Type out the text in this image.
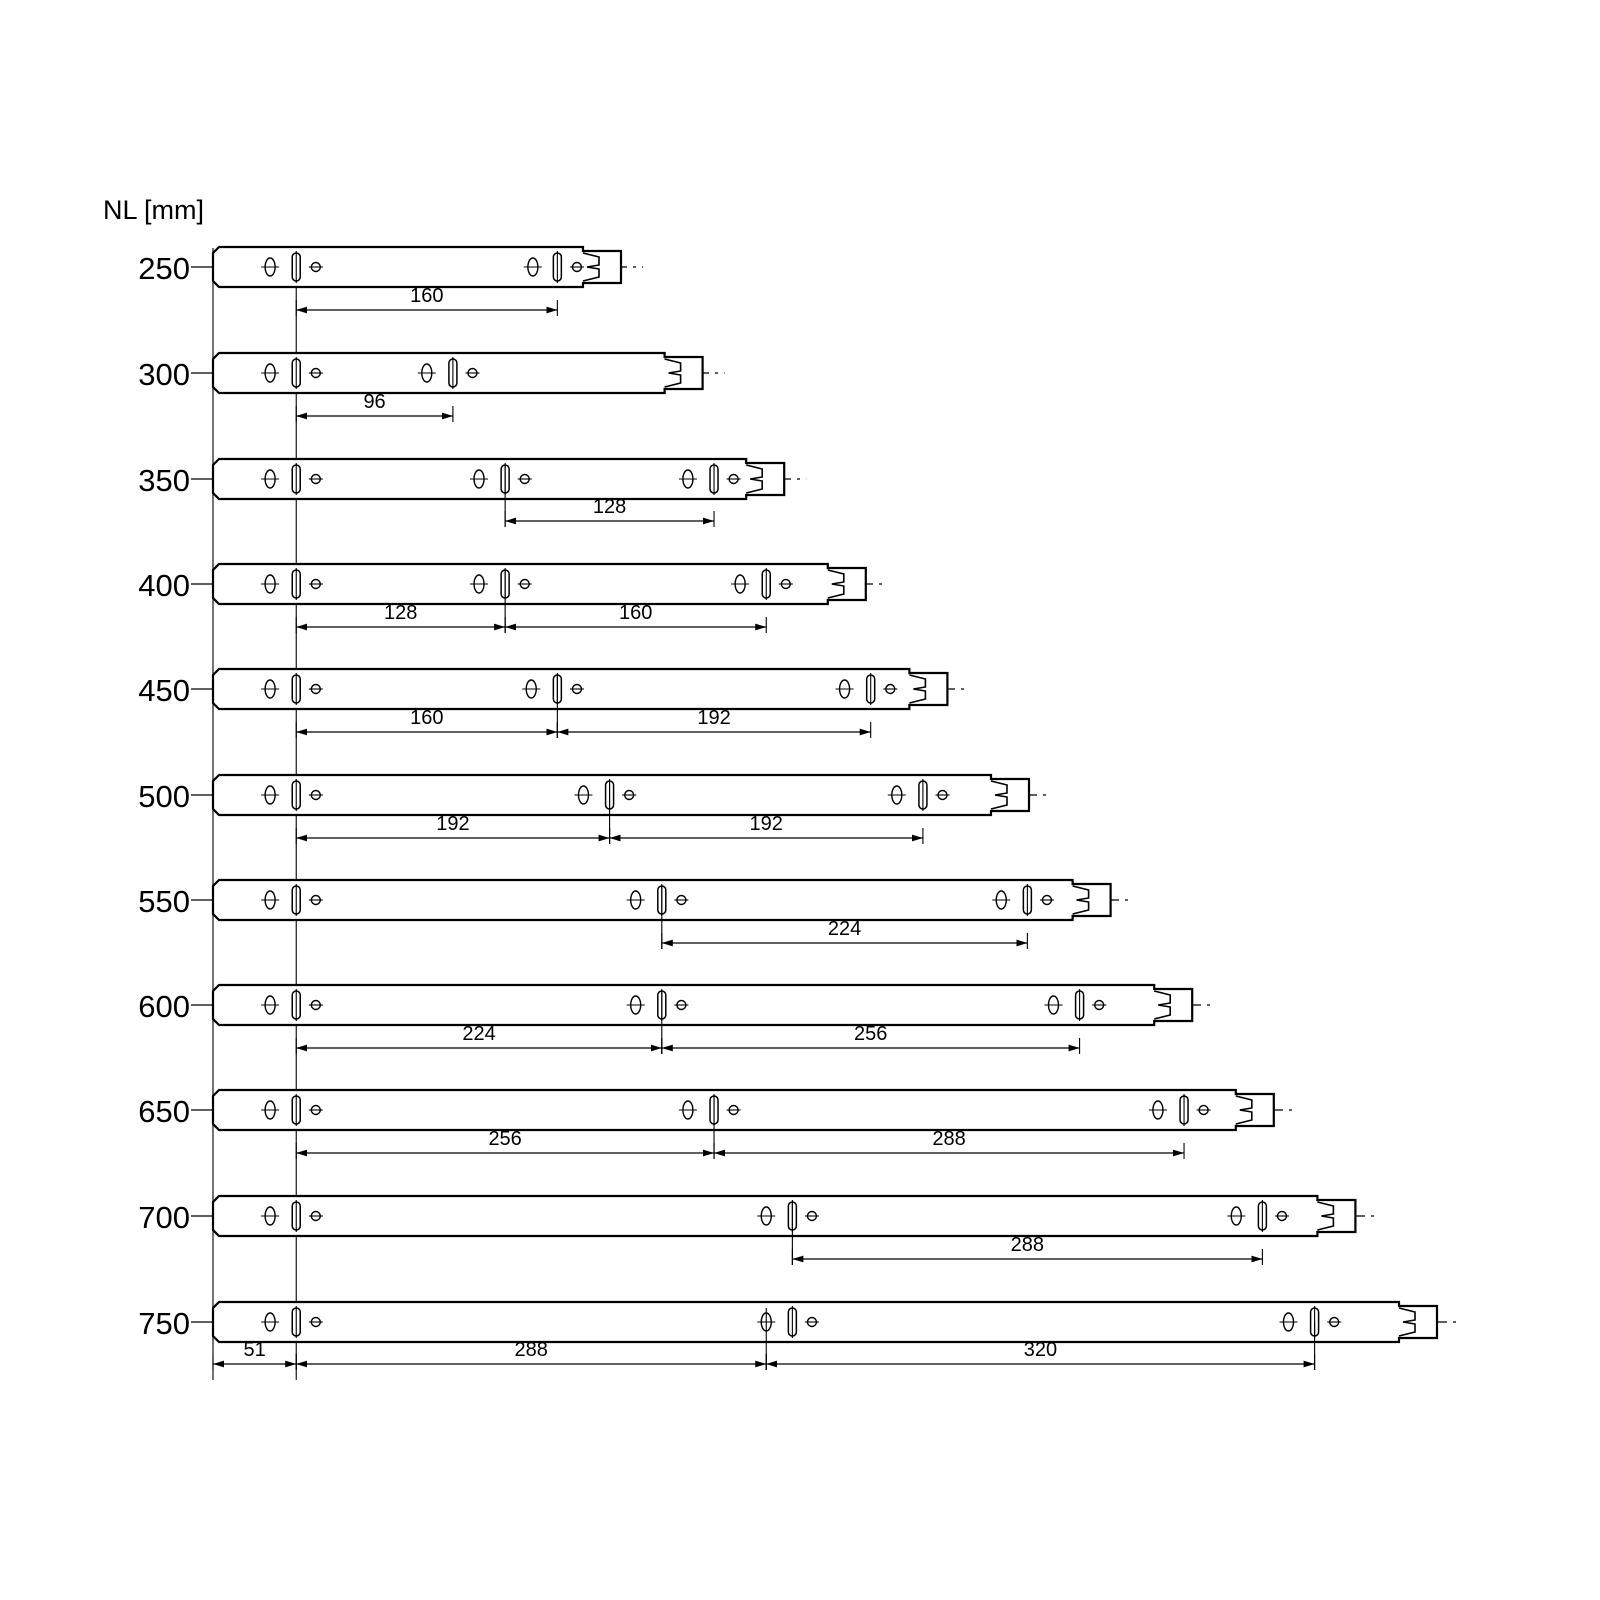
NL [mm]
250
160
300
96
350
128
400
128	160
450
160	192
500
192	192
550
224
600
224	256
650
256	288
700
288
750
51	288	320
